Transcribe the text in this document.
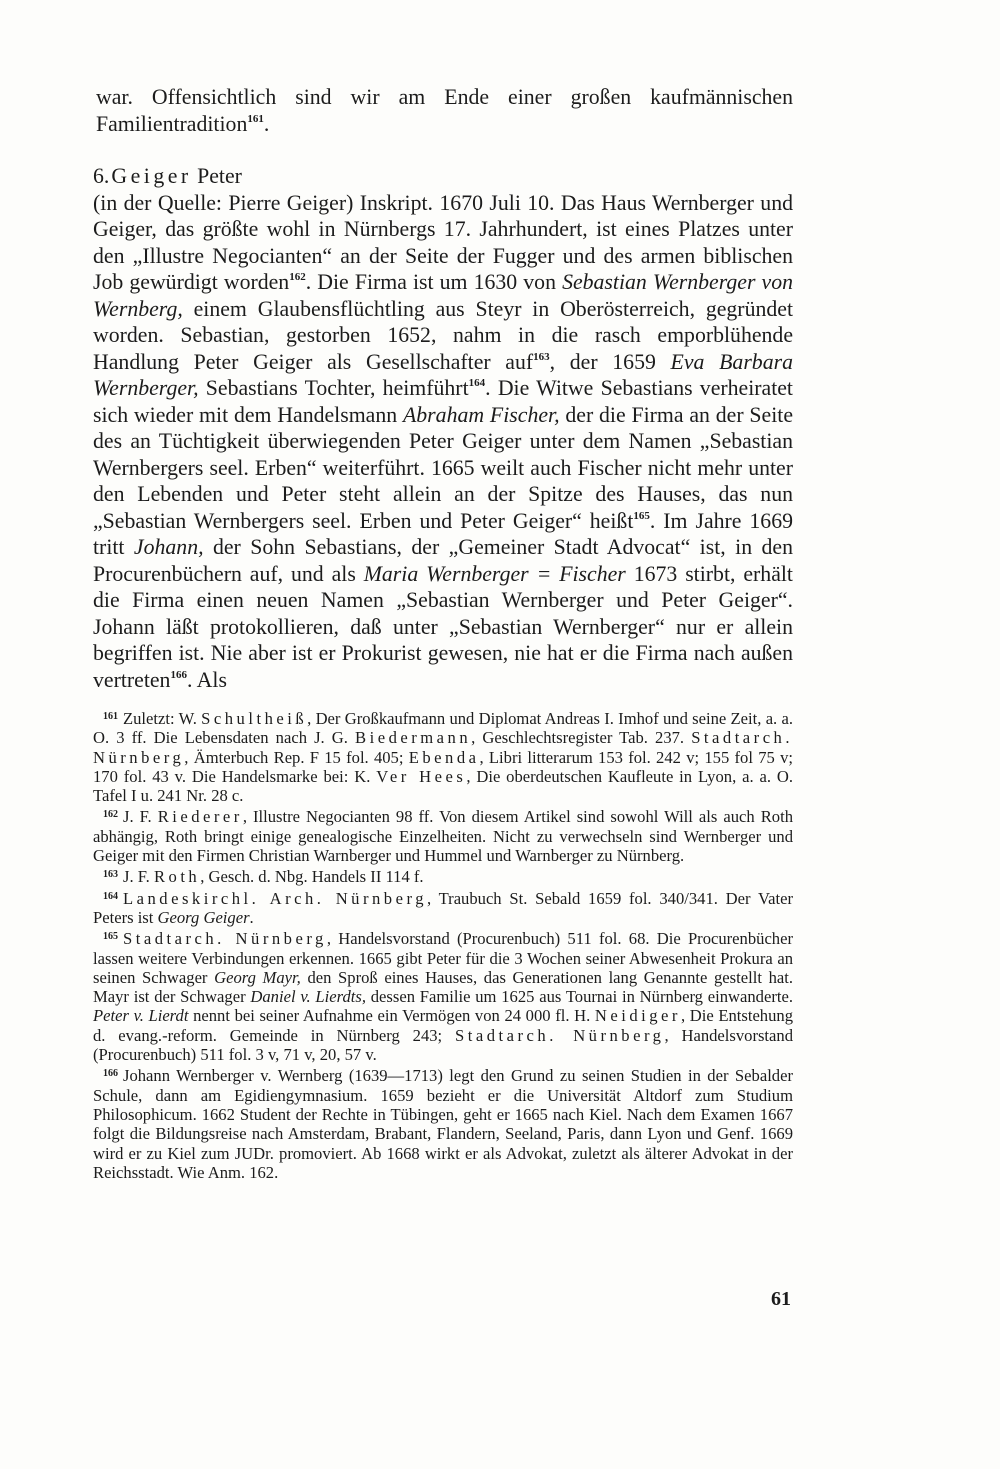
war. Offensichtlich sind wir am Ende einer großen kaufmännischen Familientradition$^{161}$.

6.Geiger Peter

(in der Quelle: Pierre Geiger) Inskript. 1670 Juli 10. Das Haus Wernberger und Geiger, das größte wohl in Nürnbergs 17. Jahrhundert, ist eines Platzes unter den „Illustre Negocianten“ an der Seite der Fugger und des armen biblischen Job gewürdigt worden$^{162}$. Die Firma ist um 1630 von Sebastian Wernberger von Wernberg, einem Glaubensflüchtling aus Steyr in Oberösterreich, gegründet worden. Sebastian, gestorben 1652, nahm in die rasch emporblühende Handlung Peter Geiger als Gesellschafter auf$^{163}$, der 1659 Eva Barbara Wernberger, Sebastians Tochter, heimführt$^{164}$. Die Witwe Sebastians verheiratet sich wieder mit dem Handelsmann Abraham Fischer, der die Firma an der Seite des an Tüchtigkeit überwiegenden Peter Geiger unter dem Namen „Sebastian Wernbergers seel. Erben“ weiterführt. 1665 weilt auch Fischer nicht mehr unter den Lebenden und Peter steht allein an der Spitze des Hauses, das nun „Sebastian Wernbergers seel. Erben und Peter Geiger“ heißt$^{165}$. Im Jahre 1669 tritt Johann, der Sohn Sebastians, der „Gemeiner Stadt Advocat“ ist, in den Procurenbüchern auf, und als Maria Wernberger = Fischer 1673 stirbt, erhält die Firma einen neuen Namen „Sebastian Wernberger und Peter Geiger“. Johann läßt protokollieren, daß unter „Sebastian Wernberger“ nur er allein begriffen ist. Nie aber ist er Prokurist gewesen, nie hat er die Firma nach außen vertreten$^{166}$. Als

$^{161}$ Zuletzt: W. Schultheiß, Der Großkaufmann und Diplomat Andreas I. Imhof und seine Zeit, a. a. O. 3 ff. Die Lebensdaten nach J. G. Biedermann, Geschlechtsregister Tab. 237. Stadtarch. Nürnberg, Ämterbuch Rep. F 15 fol. 405; Ebenda, Libri litterarum 153 fol. 242 v; 155 fol 75 v; 170 fol. 43 v. Die Handelsmarke bei: K. Ver Hees, Die oberdeutschen Kaufleute in Lyon, a. a. O. Tafel I u. 241 Nr. 28 c.

$^{162}$ J. F. Riederer, Illustre Negocianten 98 ff. Von diesem Artikel sind sowohl Will als auch Roth abhängig, Roth bringt einige genealogische Einzelheiten. Nicht zu verwechseln sind Wernberger und Geiger mit den Firmen Christian Warnberger und Hummel und Warnberger zu Nürnberg.

$^{163}$ J. F. Roth, Gesch. d. Nbg. Handels II 114 f.

$^{164}$ Landeskirchl. Arch. Nürnberg, Traubuch St. Sebald 1659 fol. 340/341. Der Vater Peters ist Georg Geiger.

$^{165}$ Stadtarch. Nürnberg, Handelsvorstand (Procurenbuch) 511 fol. 68. Die Procurenbücher lassen weitere Verbindungen erkennen. 1665 gibt Peter für die 3 Wochen seiner Abwesenheit Prokura an seinen Schwager Georg Mayr, den Sproß eines Hauses, das Generationen lang Genannte gestellt hat. Mayr ist der Schwager Daniel v. Lierdts, dessen Familie um 1625 aus Tournai in Nürnberg einwanderte. Peter v. Lierdt nennt bei seiner Aufnahme ein Vermögen von 24 000 fl. H. Neidiger, Die Entstehung d. evang.-reform. Gemeinde in Nürnberg 243; Stadtarch. Nürnberg, Handelsvorstand (Procurenbuch) 511 fol. 3 v, 71 v, 20, 57 v.

$^{166}$ Johann Wernberger v. Wernberg (1639—1713) legt den Grund zu seinen Studien in der Sebalder Schule, dann am Egidiengymnasium. 1659 bezieht er die Universität Altdorf zum Studium Philosophicum. 1662 Student der Rechte in Tübingen, geht er 1665 nach Kiel. Nach dem Examen 1667 folgt die Bildungsreise nach Amsterdam, Brabant, Flandern, Seeland, Paris, dann Lyon und Genf. 1669 wird er zu Kiel zum JUDr. promoviert. Ab 1668 wirkt er als Advokat, zuletzt als älterer Advokat in der Reichsstadt. Wie Anm. 162.

61
